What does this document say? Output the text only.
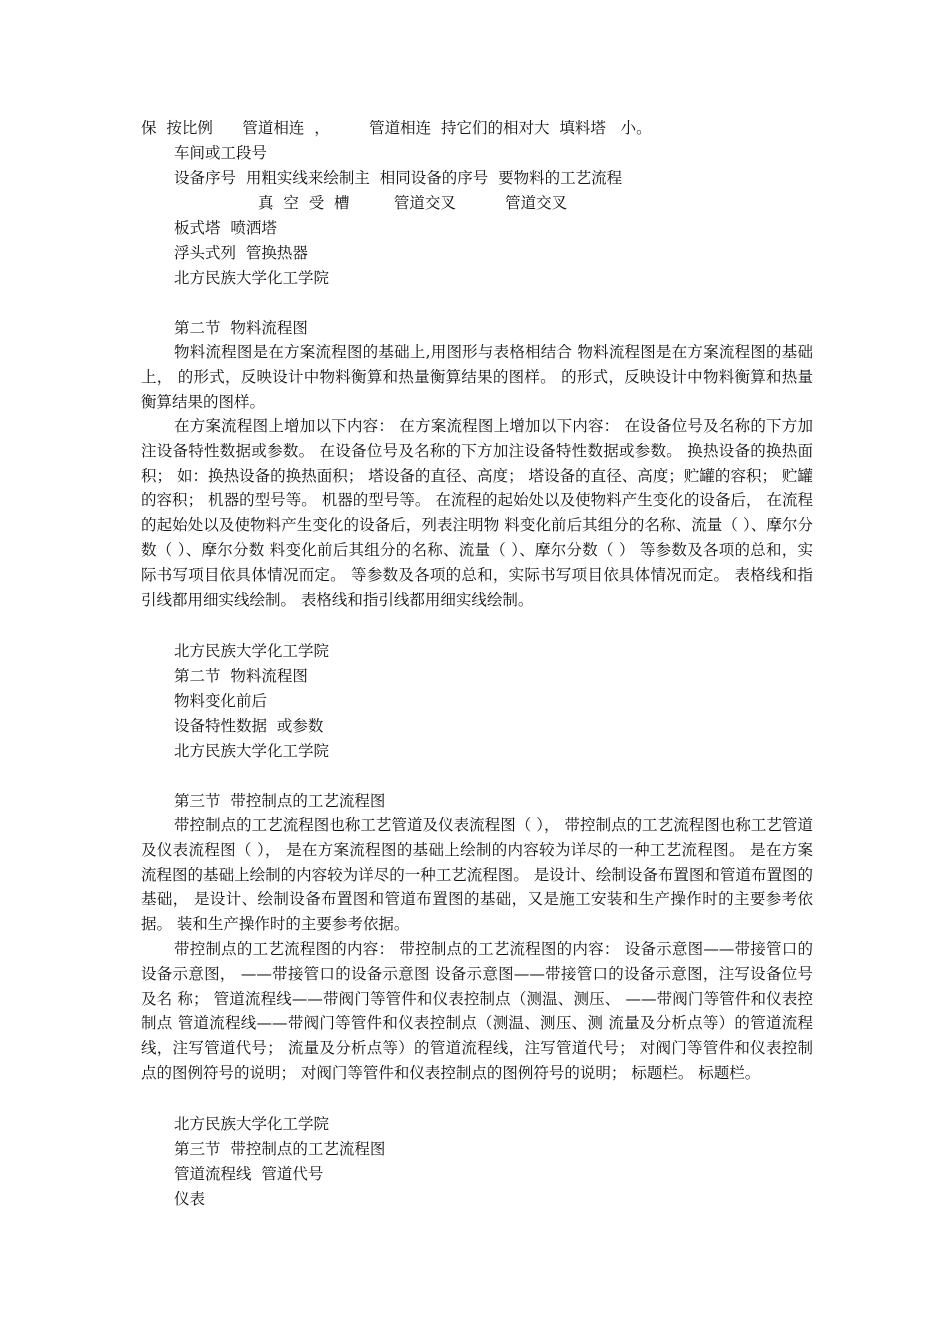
保  按比例      管道相连  ，        管道相连  持它们的相对大  填料塔   小。
车间或工段号
设备序号  用粗实线来绘制主  相同设备的序号  要物料的工艺流程
真  空  受  槽         管道交叉          管道交叉
板式塔  喷洒塔
浮头式列  管换热器
北方民族大学化工学院
第二节  物料流程图
物料流程图是在方案流程图的基础上,用图形与表格相结合 物料流程图是在方案流程图的基础上， 的形式，反映设计中物料衡算和热量衡算结果的图样。 的形式，反映设计中物料衡算和热量衡算结果的图样。
在方案流程图上增加以下内容： 在方案流程图上增加以下内容： 在设备位号及名称的下方加注设备特性数据或参数。 在设备位号及名称的下方加注设备特性数据或参数。 换热设备的换热面积； 如：换热设备的换热面积； 塔设备的直径、高度； 塔设备的直径、高度；贮罐的容积； 贮罐的容积； 机器的型号等。 机器的型号等。 在流程的起始处以及使物料产生变化的设备后， 在流程的起始处以及使物料产生变化的设备后，列表注明物 料变化前后其组分的名称、流量（ ）、摩尔分数（ ）、摩尔分数 料变化前后其组分的名称、流量（ ）、摩尔分数（ ） 等参数及各项的总和，实际书写项目依具体情况而定。 等参数及各项的总和，实际书写项目依具体情况而定。 表格线和指引线都用细实线绘制。 表格线和指引线都用细实线绘制。
北方民族大学化工学院
第二节  物料流程图
物料变化前后
设备特性数据  或参数
北方民族大学化工学院
第三节  带控制点的工艺流程图
带控制点的工艺流程图也称工艺管道及仪表流程图（ ）， 带控制点的工艺流程图也称工艺管道及仪表流程图（ ）， 是在方案流程图的基础上绘制的内容较为详尽的一种工艺流程图。 是在方案流程图的基础上绘制的内容较为详尽的一种工艺流程图。 是设计、绘制设备布置图和管道布置图的基础， 是设计、绘制设备布置图和管道布置图的基础，又是施工安装和生产操作时的主要参考依据。 装和生产操作时的主要参考依据。
带控制点的工艺流程图的内容： 带控制点的工艺流程图的内容： 设备示意图——带接管口的设备示意图， ——带接管口的设备示意图 设备示意图——带接管口的设备示意图，注写设备位号及名 称； 管道流程线——带阀门等管件和仪表控制点（测温、测压、 ——带阀门等管件和仪表控制点 管道流程线——带阀门等管件和仪表控制点（测温、测压、测 流量及分析点等）的管道流程线，注写管道代号； 流量及分析点等）的管道流程线，注写管道代号； 对阀门等管件和仪表控制点的图例符号的说明； 对阀门等管件和仪表控制点的图例符号的说明； 标题栏。 标题栏。
北方民族大学化工学院
第三节  带控制点的工艺流程图
管道流程线  管道代号
仪表
